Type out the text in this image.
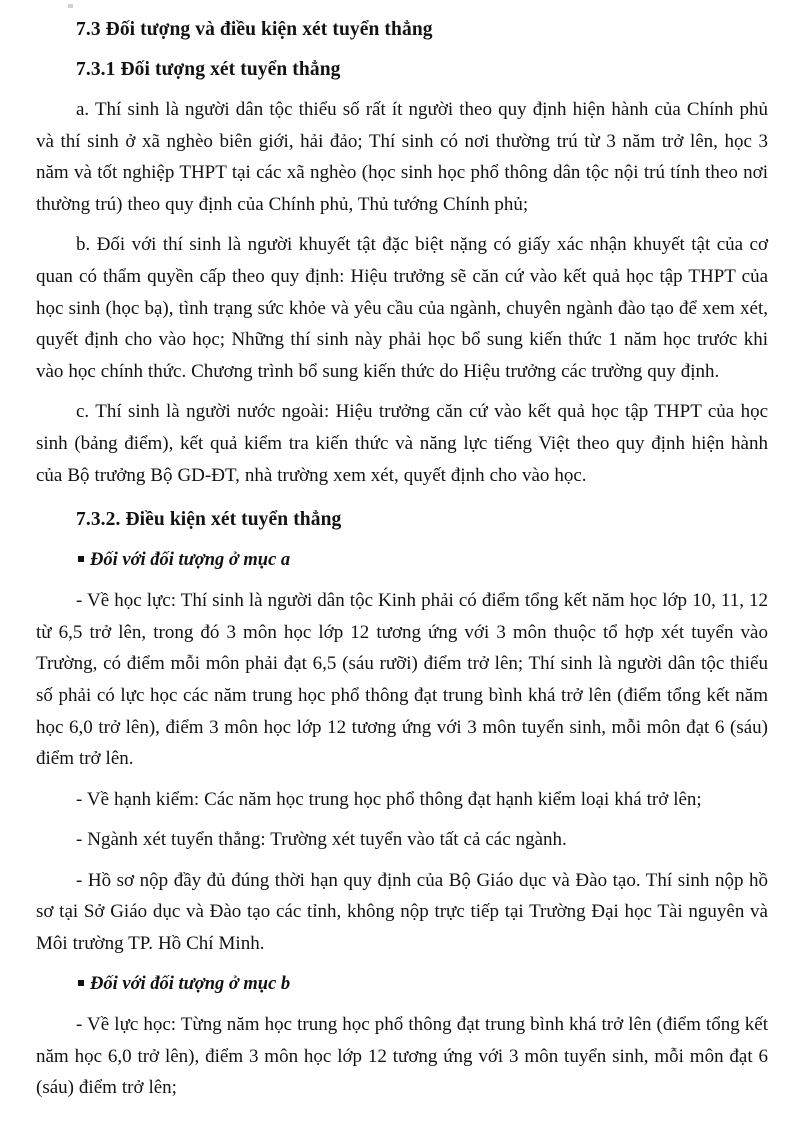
7.3 Đối tượng và điều kiện xét tuyển thẳng
7.3.1 Đối tượng xét tuyển thẳng

a. Thí sinh là người dân tộc thiểu số rất ít người theo quy định hiện hành của Chính phủ và thí sinh ở xã nghèo biên giới, hải đảo; Thí sinh có nơi thường trú từ 3 năm trở lên, học 3 năm và tốt nghiệp THPT tại các xã nghèo (học sinh học phổ thông dân tộc nội trú tính theo nơi thường trú) theo quy định của Chính phủ, Thủ tướng Chính phủ;

b. Đối với thí sinh là người khuyết tật đặc biệt nặng có giấy xác nhận khuyết tật của cơ quan có thẩm quyền cấp theo quy định: Hiệu trưởng sẽ căn cứ vào kết quả học tập THPT của học sinh (học bạ), tình trạng sức khỏe và yêu cầu của ngành, chuyên ngành đào tạo để xem xét, quyết định cho vào học; Những thí sinh này phải học bổ sung kiến thức 1 năm học trước khi vào học chính thức. Chương trình bổ sung kiến thức do Hiệu trưởng các trường quy định.

c. Thí sinh là người nước ngoài: Hiệu trưởng căn cứ vào kết quả học tập THPT của học sinh (bảng điểm), kết quả kiểm tra kiến thức và năng lực tiếng Việt theo quy định hiện hành của Bộ trưởng Bộ GD-ĐT, nhà trường xem xét, quyết định cho vào học.

7.3.2. Điều kiện xét tuyển thẳng

Đối với đối tượng ở mục a

- Về học lực: Thí sinh là người dân tộc Kinh phải có điểm tổng kết năm học lớp 10, 11, 12 từ 6,5 trở lên, trong đó 3 môn học lớp 12 tương ứng với 3 môn thuộc tổ hợp xét tuyển vào Trường, có điểm mỗi môn phải đạt 6,5 (sáu rưỡi) điểm trở lên; Thí sinh là người dân tộc thiểu số phải có lực học các năm trung học phổ thông đạt trung bình khá trở lên (điểm tổng kết năm học 6,0 trở lên), điểm 3 môn học lớp 12 tương ứng với 3 môn tuyển sinh, mỗi môn đạt 6 (sáu) điểm trở lên.

- Về hạnh kiểm: Các năm học trung học phổ thông đạt hạnh kiểm loại khá trở lên;

- Ngành xét tuyển thẳng: Trường xét tuyển vào tất cả các ngành.

- Hồ sơ nộp đầy đủ đúng thời hạn quy định của Bộ Giáo dục và Đào tạo. Thí sinh nộp hồ sơ tại Sở Giáo dục và Đào tạo các tỉnh, không nộp trực tiếp tại Trường Đại học Tài nguyên và Môi trường TP. Hồ Chí Minh.

Đối với đối tượng ở mục b

- Về lực học: Từng năm học trung học phổ thông đạt trung bình khá trở lên (điểm tổng kết năm học 6,0 trở lên), điểm 3 môn học lớp 12 tương ứng với 3 môn tuyển sinh, mỗi môn đạt 6 (sáu) điểm trở lên;
